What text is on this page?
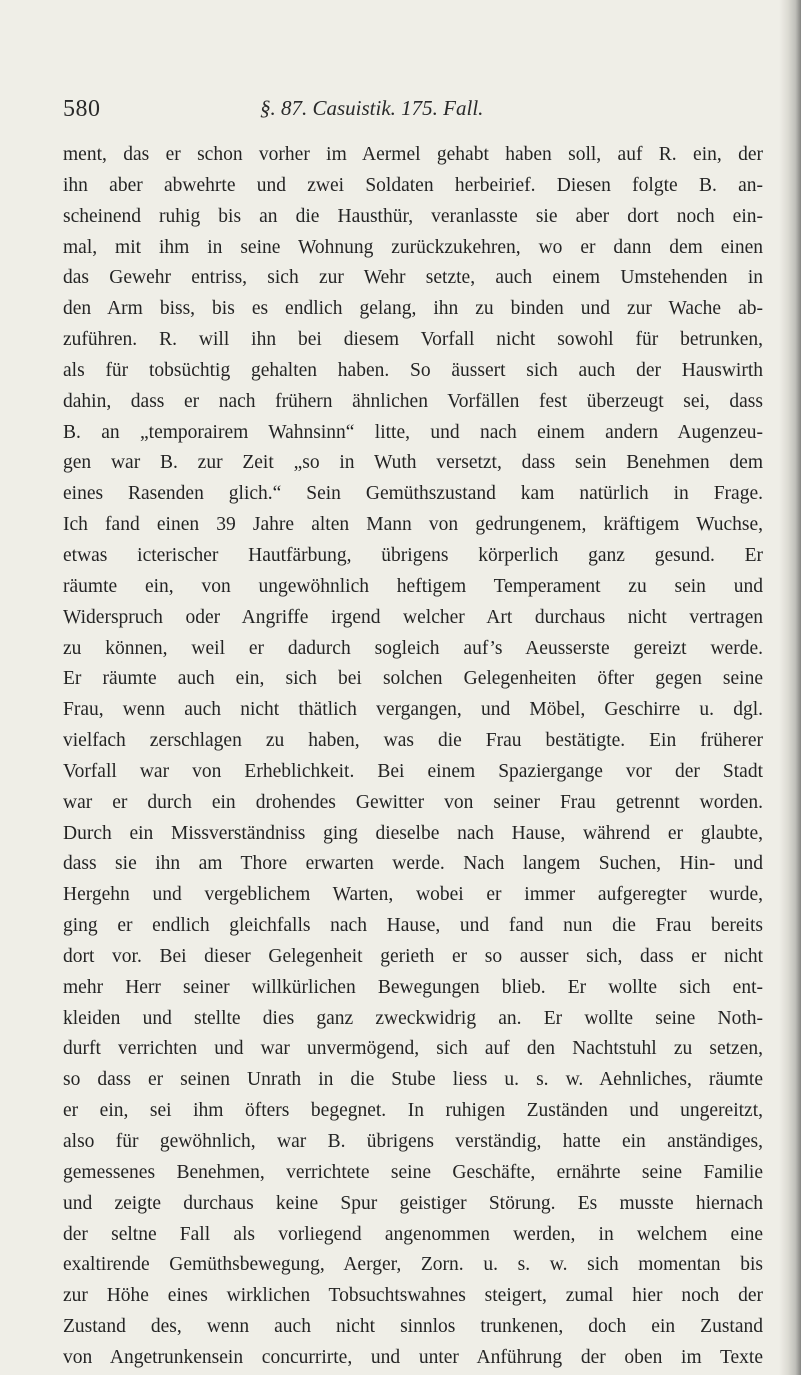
580	§. 87. Casuistik. 175. Fall.
ment, das er schon vorher im Aermel gehabt haben soll, auf R. ein, der
ihn aber abwehrte und zwei Soldaten herbeirief. Diesen folgte B. an-
scheinend ruhig bis an die Hausthür, veranlasste sie aber dort noch ein-
mal, mit ihm in seine Wohnung zurückzukehren, wo er dann dem einen
das Gewehr entriss, sich zur Wehr setzte, auch einem Umstehenden in
den Arm biss, bis es endlich gelang, ihn zu binden und zur Wache ab-
zuführen. R. will ihn bei diesem Vorfall nicht sowohl für betrunken,
als für tobsüchtig gehalten haben. So äussert sich auch der Hauswirth
dahin, dass er nach frühern ähnlichen Vorfällen fest überzeugt sei, dass
B. an „temporairem Wahnsinn“ litte, und nach einem andern Augenzeu-
gen war B. zur Zeit „so in Wuth versetzt, dass sein Benehmen dem
eines Rasenden glich.“ Sein Gemüthszustand kam natürlich in Frage.
Ich fand einen 39 Jahre alten Mann von gedrungenem, kräftigem Wuchse,
etwas icterischer Hautfärbung, übrigens körperlich ganz gesund. Er
räumte ein, von ungewöhnlich heftigem Temperament zu sein und
Widerspruch oder Angriffe irgend welcher Art durchaus nicht vertragen
zu können, weil er dadurch sogleich auf’s Aeusserste gereizt werde.
Er räumte auch ein, sich bei solchen Gelegenheiten öfter gegen seine
Frau, wenn auch nicht thätlich vergangen, und Möbel, Geschirre u. dgl.
vielfach zerschlagen zu haben, was die Frau bestätigte. Ein früherer
Vorfall war von Erheblichkeit. Bei einem Spaziergange vor der Stadt
war er durch ein drohendes Gewitter von seiner Frau getrennt worden.
Durch ein Missverständniss ging dieselbe nach Hause, während er glaubte,
dass sie ihn am Thore erwarten werde. Nach langem Suchen, Hin- und
Hergehn und vergeblichem Warten, wobei er immer aufgeregter wurde,
ging er endlich gleichfalls nach Hause, und fand nun die Frau bereits
dort vor. Bei dieser Gelegenheit gerieth er so ausser sich, dass er nicht
mehr Herr seiner willkürlichen Bewegungen blieb. Er wollte sich ent-
kleiden und stellte dies ganz zweckwidrig an. Er wollte seine Noth-
durft verrichten und war unvermögend, sich auf den Nachtstuhl zu setzen,
so dass er seinen Unrath in die Stube liess u. s. w. Aehnliches, räumte
er ein, sei ihm öfters begegnet. In ruhigen Zuständen und ungereitzt,
also für gewöhnlich, war B. übrigens verständig, hatte ein anständiges,
gemessenes Benehmen, verrichtete seine Geschäfte, ernährte seine Familie
und zeigte durchaus keine Spur geistiger Störung. Es musste hiernach
der seltne Fall als vorliegend angenommen werden, in welchem eine
exaltirende Gemüthsbewegung, Aerger, Zorn. u. s. w. sich momentan bis
zur Höhe eines wirklichen Tobsuchtswahnes steigert, zumal hier noch der
Zustand des, wenn auch nicht sinnlos trunkenen, doch ein Zustand
von Angetrunkensein concurrirte, und unter Anführung der oben im Texte
